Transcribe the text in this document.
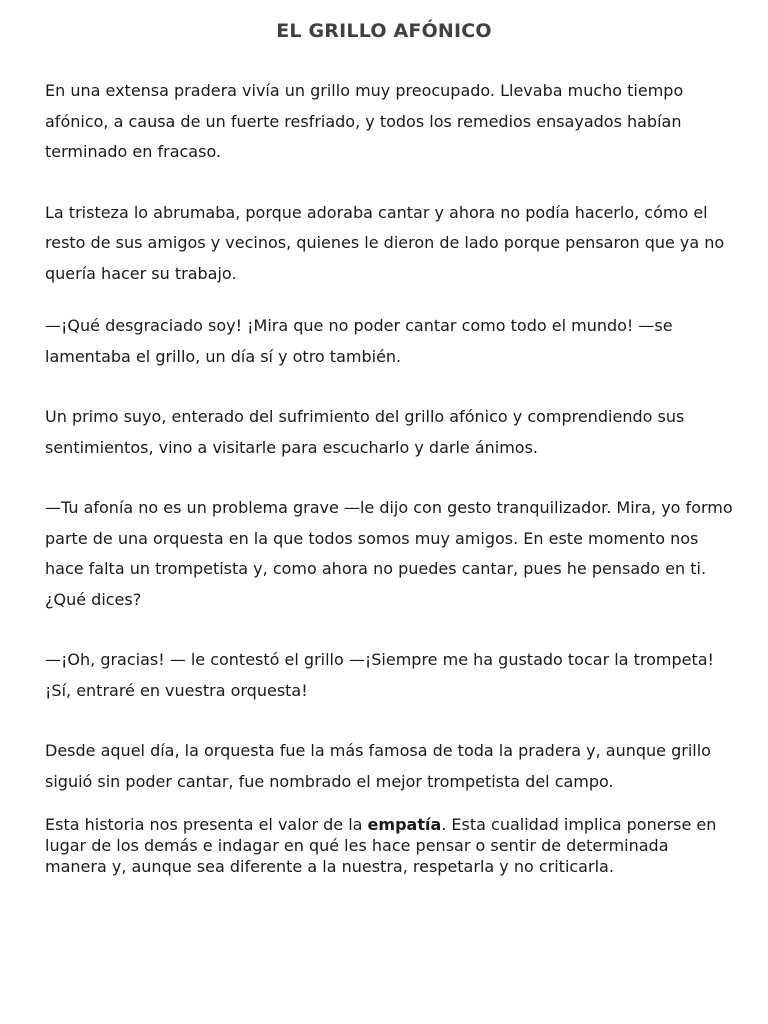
EL GRILLO AFÓNICO

En una extensa pradera vivía un grillo muy preocupado. Llevaba mucho tiempo afónico, a causa de un fuerte resfriado, y todos los remedios ensayados habían terminado en fracaso.

La tristeza lo abrumaba, porque adoraba cantar y ahora no podía hacerlo, cómo el resto de sus amigos y vecinos, quienes le dieron de lado porque pensaron que ya no quería hacer su trabajo.

—¡Qué desgraciado soy! ¡Mira que no poder cantar como todo el mundo! —se lamentaba el grillo, un día sí y otro también.

Un primo suyo, enterado del sufrimiento del grillo afónico y comprendiendo sus sentimientos, vino a visitarle para escucharlo y darle ánimos.

—Tu afonía no es un problema grave —le dijo con gesto tranquilizador. Mira, yo formo parte de una orquesta en la que todos somos muy amigos. En este momento nos hace falta un trompetista y, como ahora no puedes cantar, pues he pensado en ti. ¿Qué dices?

—¡Oh, gracias! — le contestó el grillo —¡Siempre me ha gustado tocar la trompeta! ¡Sí, entraré en vuestra orquesta!

Desde aquel día, la orquesta fue la más famosa de toda la pradera y, aunque grillo siguió sin poder cantar, fue nombrado el mejor trompetista del campo.

Esta historia nos presenta el valor de la empatía. Esta cualidad implica ponerse en lugar de los demás e indagar en qué les hace pensar o sentir de determinada manera y, aunque sea diferente a la nuestra, respetarla y no criticarla.
